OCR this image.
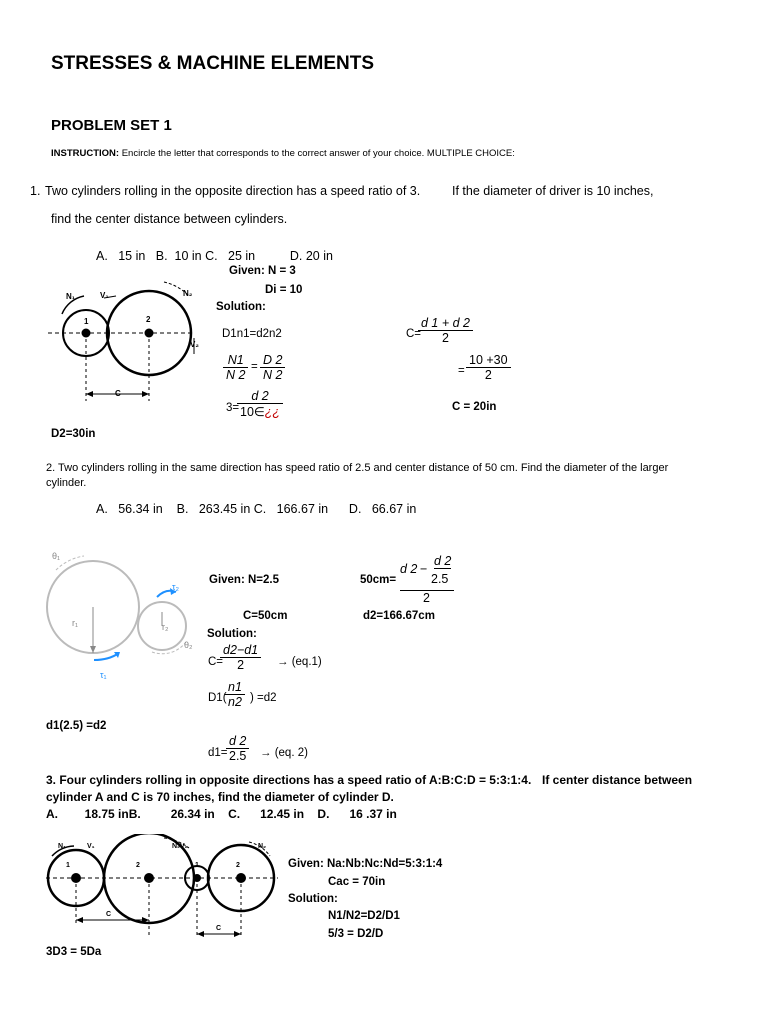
STRESSES & MACHINE ELEMENTS
PROBLEM SET 1
INSTRUCTION: Encircle the letter that corresponds to the correct answer of your choice. MULTIPLE CHOICE:
1. Two cylinders rolling in the opposite direction has a speed ratio of 3.	If the diameter of driver is 10 inches,
find the center distance between cylinders.
A.   15 in   B.  10 in C.   25 in          D. 20 in
N₁	V₁
1	2
N₂
V₂
C
Given: N = 3
Di = 10
Solution:
D1n1=d2n2
$\frac{N1}{N 2} = \frac{D 2}{N 2}$
3=
$\frac{d 2}{10\in¿¿}$
C=
$\frac{d 1 + d 2}{2}$
= $\frac{10 +30}{2}$
C = 20in
D2=30in
2. Two cylinders rolling in the same direction has speed ratio of 2.5 and center distance of 50 cm. Find the diameter of the larger
cylinder.
A.   56.34 in    B.   263.45 in C.   166.67 in      D.   66.67 in
θ₁
r₁
τ₁
τ₂
r₂
θ₂
Given: N=2.5
C=50cm
Solution:
C=
$\frac{d2-d1}{2} \to (eq.1)$
D1(
$\frac{n1}{n2}$ ) =d2
d1(2.5) =d2
d1=
$\frac{d 2}{2.5} \to (eq$. 2)
50cm=
d 2 −
d 2
2.5
2
d2=166.67cm
3. Four cylinders rolling in opposite directions has a speed ratio of A:B:C:D = 5:3:1:4. If center distance between
cylinder A and C is 70 inches, find the diameter of cylinder D.
A.        18.75 inB.         26.34 in    C.      12.45 in    D.      16 .37 in
N₁	V₁
1	2
N₂ V₂
1	2
N₂
C
C
Given: Na:Nb:Nc:Nd=5:3:1:4
Cac = 70in
Solution:
N1/N2=D2/D1
5/3 = D2/D
3D3 = 5Da
